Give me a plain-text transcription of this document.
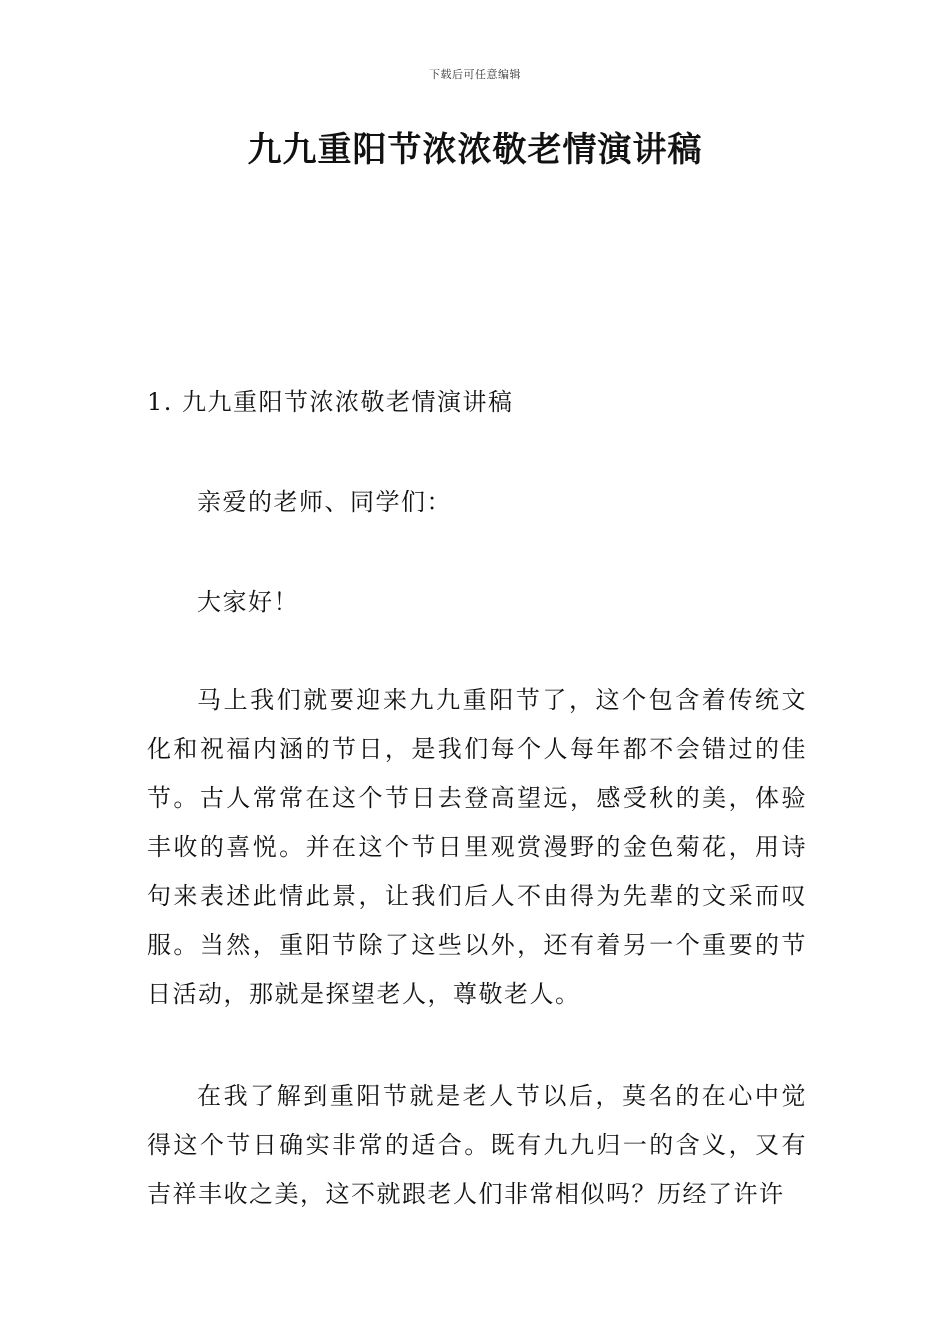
下载后可任意编辑
九九重阳节浓浓敬老情演讲稿
1. 九九重阳节浓浓敬老情演讲稿
亲爱的老师、同学们：
大家好！
马上我们就要迎来九九重阳节了，这个包含着传统文化和祝福内涵的节日，是我们每个人每年都不会错过的佳节。古人常常在这个节日去登高望远，感受秋的美，体验丰收的喜悦。并在这个节日里观赏漫野的金色菊花，用诗句来表述此情此景，让我们后人不由得为先辈的文采而叹服。当然，重阳节除了这些以外，还有着另一个重要的节日活动，那就是探望老人，尊敬老人。
在我了解到重阳节就是老人节以后，莫名的在心中觉得这个节日确实非常的适合。既有九九归一的含义，又有吉祥丰收之美，这不就跟老人们非常相似吗？历经了许许
